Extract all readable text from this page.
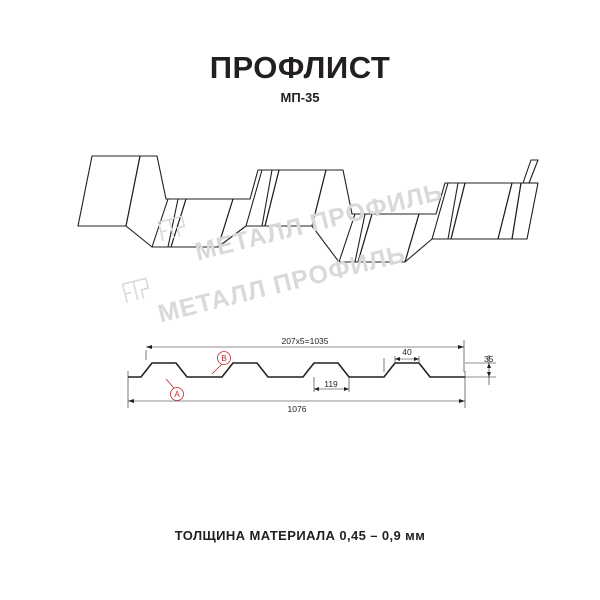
ПРОФЛИСТ
МП-35
B
A
207х5=1035
40
119
35
1076
МЕТАЛЛ ПРОФИЛЬ
МЕТАЛЛ ПРОФИЛЬ
ТОЛЩИНА МАТЕРИАЛА 0,45 – 0,9 мм
